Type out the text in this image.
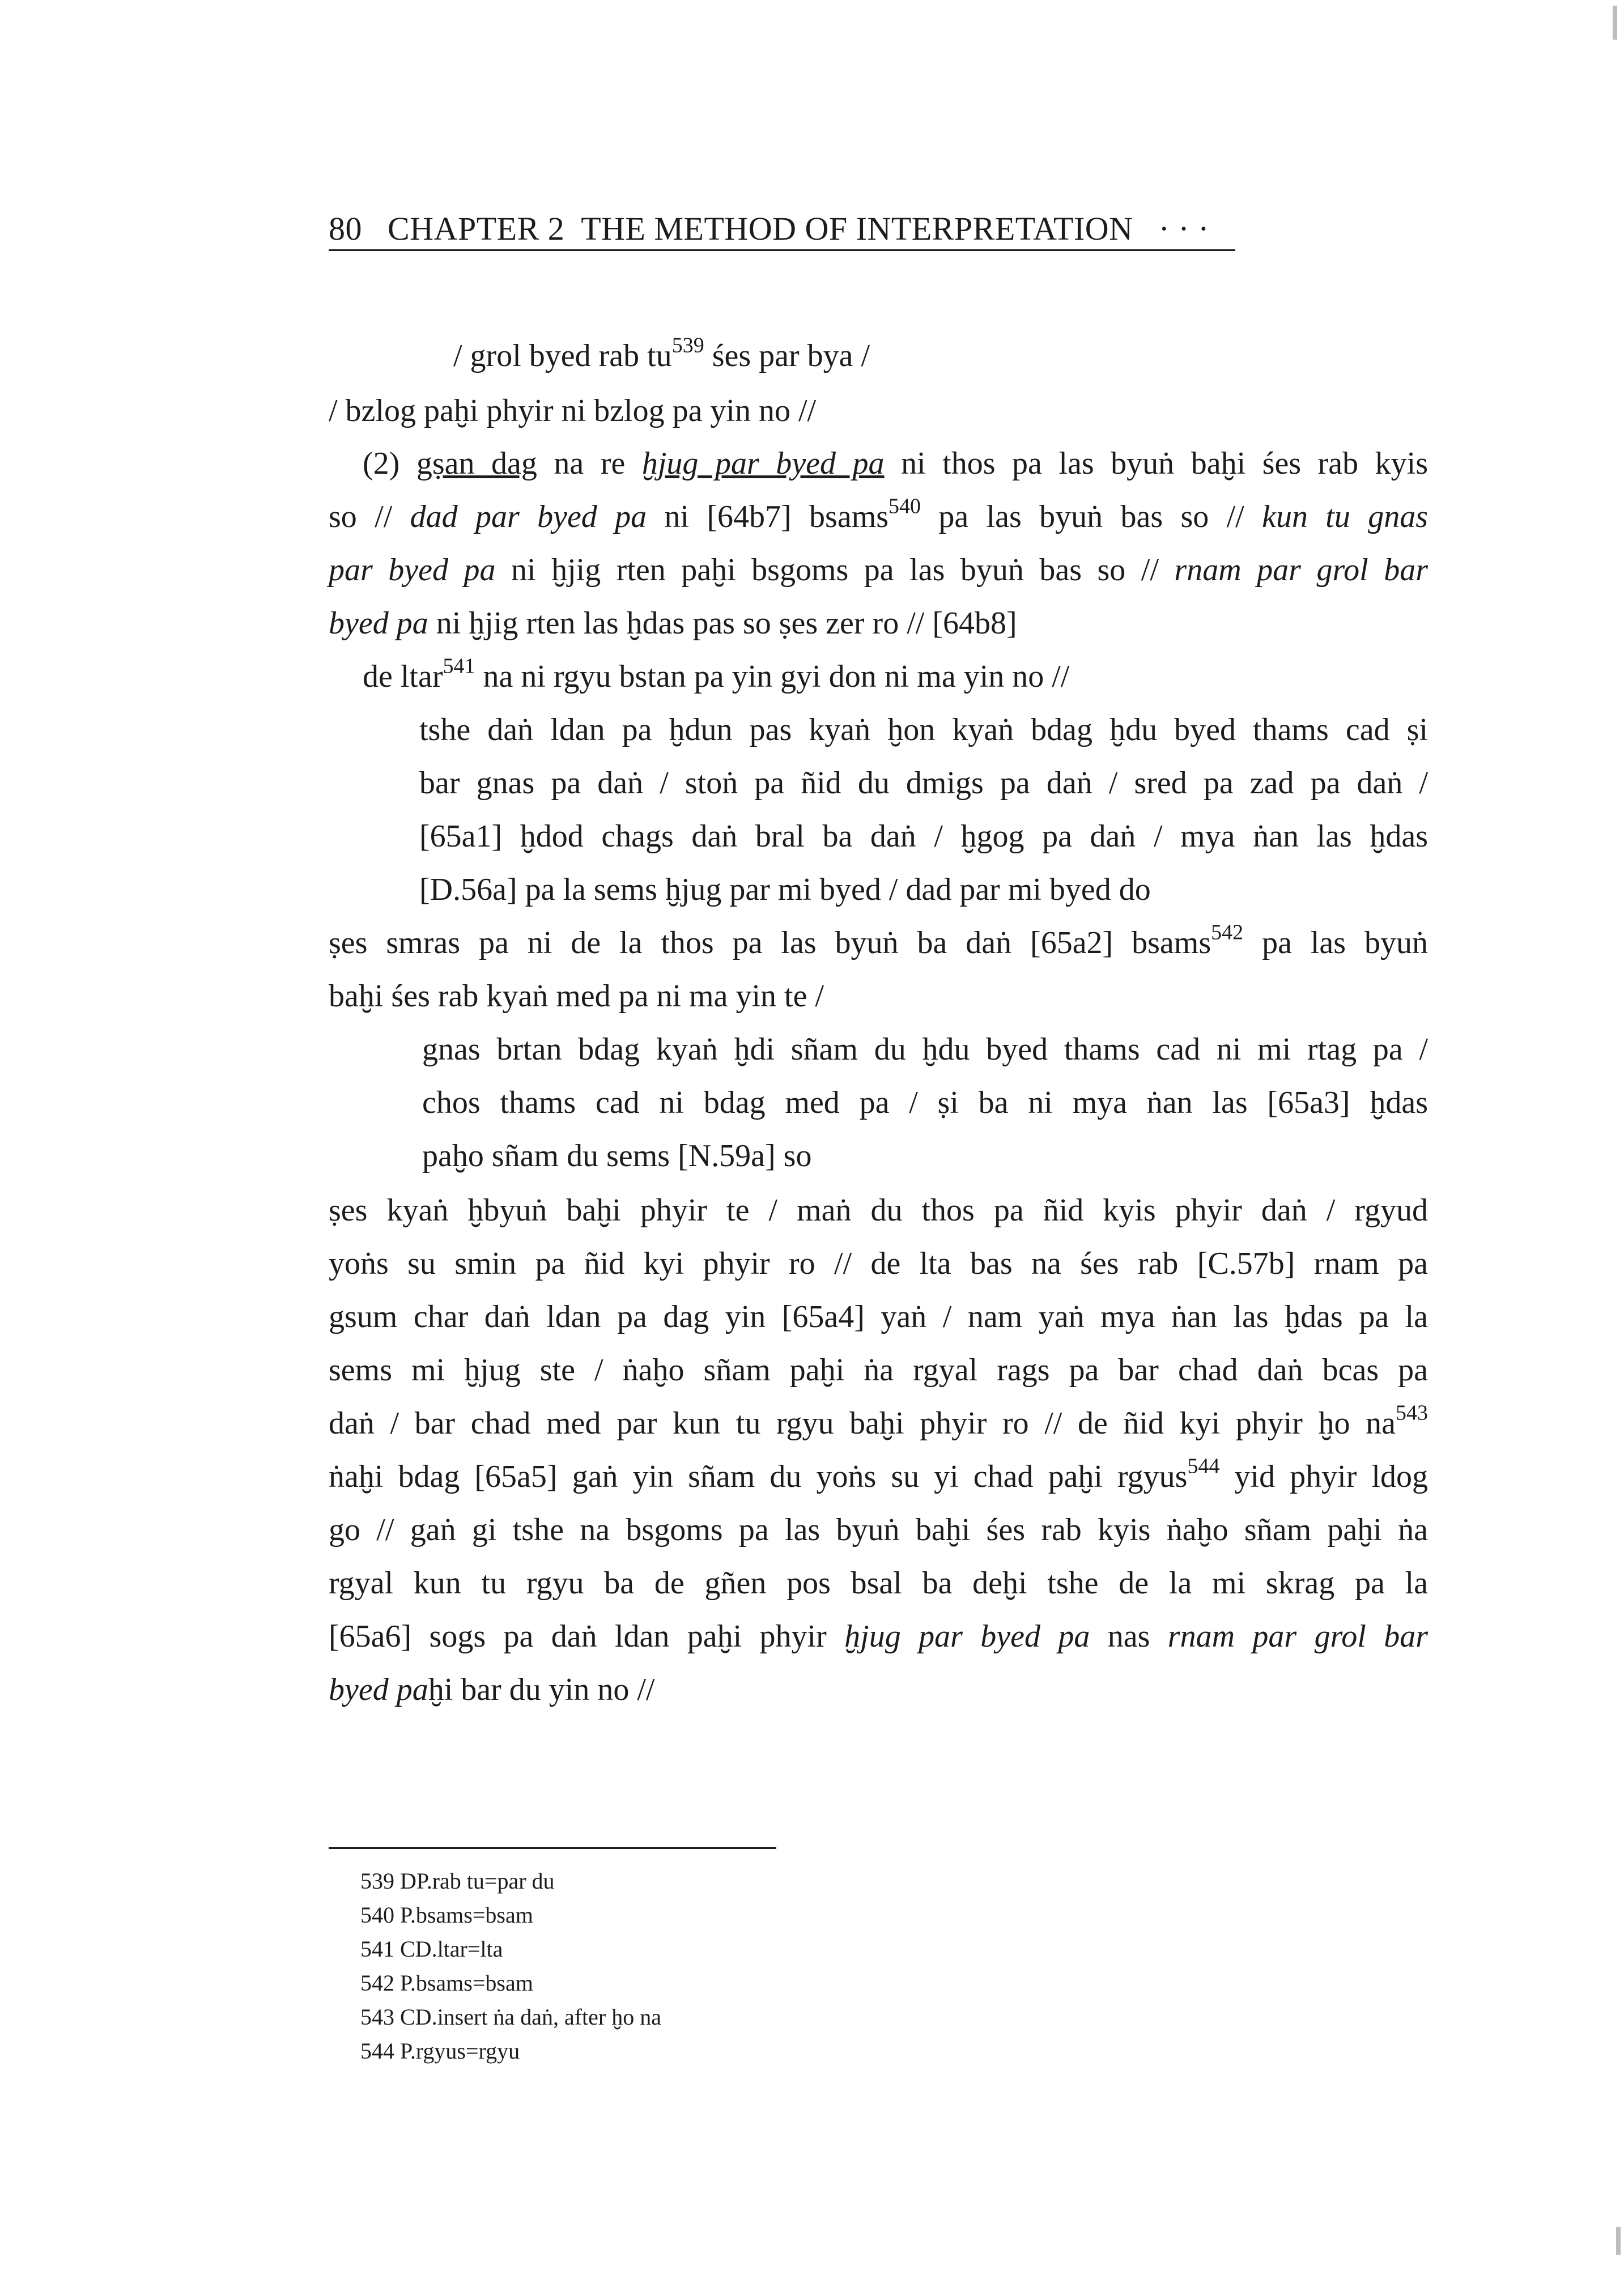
80 CHAPTER 2  THE METHOD OF INTERPRETATION · · ·
/ grol byed rab $tu^{539}$ śes par bya /
/ bzlog paḫi phyir ni bzlog pa yin no //
(2) gṣan dag na re ḫjug par byed pa ni thos pa las byuṅ baḫi śes rab kyis
so // dad par byed pa ni [64b7] bsams$^{540}$ pa las byuṅ bas so // kun tu gnas
par byed pa ni ḫjig rten paḫi bsgoms pa las byuṅ bas so // rnam par grol bar
byed pa ni ḫjig rten las ḫdas pas so ṣes zer ro // [64b8]
de ltar$^{541}$ na ni rgyu bstan pa yin gyi don ni ma yin no //
tshe daṅ ldan pa ḫdun pas kyaṅ ḫon kyaṅ bdag ḫdu byed thams cad ṣi
bar gnas pa daṅ / stoṅ pa ñid du dmigs pa daṅ / sred pa zad pa daṅ /
[65a1] ḫdod chags daṅ bral ba daṅ / ḫgog pa daṅ / mya ṅan las ḫdas
[D.56a] pa la sems ḫjug par mi byed / dad par mi byed do
ṣes smras pa ni de la thos pa las byuṅ ba daṅ [65a2] bsams$^{542}$ pa las byuṅ
baḫi śes rab kyaṅ med pa ni ma yin te /
gnas brtan bdag kyaṅ ḫdi sñam du ḫdu byed thams cad ni mi rtag pa /
chos thams cad ni bdag med pa / ṣi ba ni mya ṅan las [65a3] ḫdas
paḫo sñam du sems [N.59a] so
ṣes kyaṅ ḫbyuṅ baḫi phyir te / maṅ du thos pa ñid kyis phyir daṅ / rgyud
yoṅs su smin pa ñid kyi phyir ro // de lta bas na śes rab [C.57b] rnam pa
gsum char daṅ ldan pa dag yin [65a4] yaṅ / nam yaṅ mya ṅan las ḫdas pa la
sems mi ḫjug ste / ṅaḫo sñam paḫi ṅa rgyal rags pa bar chad daṅ bcas pa
daṅ / bar chad med par kun tu rgyu baḫi phyir ro // de ñid kyi phyir ḫo $na^{543}$
ṅaḫi bdag [65a5] gaṅ yin sñam du yoṅs su yi chad paḫi rgyus$^{544}$ yid phyir ldog
go // gaṅ gi tshe na bsgoms pa las byuṅ baḫi śes rab kyis ṅaḫo sñam paḫi ṅa
rgyal kun tu rgyu ba de gñen pos bsal ba deḫi tshe de la mi skrag pa la
[65a6] sogs pa daṅ ldan paḫi phyir ḫjug par byed pa nas rnam par grol bar
byed paḫi bar du yin no //
539 DP.rab tu=par du
540 P.bsams=bsam
541 CD.ltar=lta
542 P.bsams=bsam
543 CD.insert ṅa daṅ, after ḫo na
544 P.rgyus=rgyu
